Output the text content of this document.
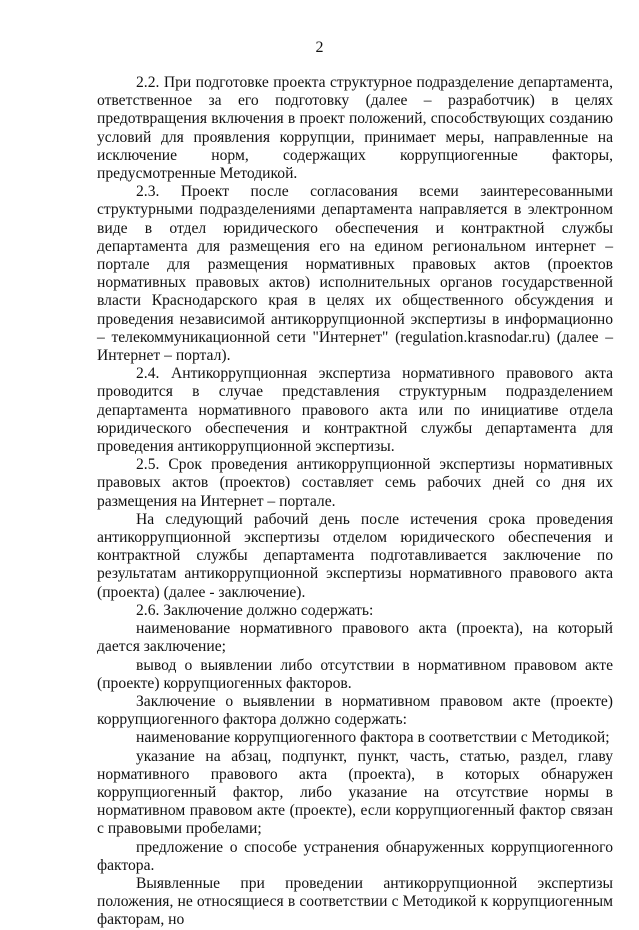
2

2.2. При подготовке проекта структурное подразделение департамента, ответственное за его подготовку (далее – разработчик) в целях предотвращения включения в проект положений, способствующих созданию условий для проявления коррупции, принимает меры, направленные на исключение норм, содержащих коррупциогенные факторы, предусмотренные Методикой.

2.3. Проект после согласования всеми заинтересованными структурными подразделениями департамента направляется в электронном виде в отдел юридического обеспечения и контрактной службы департамента для размещения его на едином региональном интернет – портале для размещения нормативных правовых актов (проектов нормативных правовых актов) исполнительных органов государственной власти Краснодарского края в целях их общественного обсуждения и проведения независимой антикоррупционной экспертизы в информационно – телекоммуникационной сети "Интернет" (regulation.krasnodar.ru) (далее – Интернет – портал).

2.4. Антикоррупционная экспертиза нормативного правового акта проводится в случае представления структурным подразделением департамента нормативного правового акта или по инициативе отдела юридического обеспечения и контрактной службы департамента для проведения антикоррупционной экспертизы.

2.5. Срок проведения антикоррупционной экспертизы нормативных правовых актов (проектов) составляет семь рабочих дней со дня их размещения на Интернет – портале.

На следующий рабочий день после истечения срока проведения антикоррупционной экспертизы отделом юридического обеспечения и контрактной службы департамента подготавливается заключение по результатам антикоррупционной экспертизы нормативного правового акта (проекта) (далее - заключение).

2.6. Заключение должно содержать:

наименование нормативного правового акта (проекта), на который дается заключение;

вывод о выявлении либо отсутствии в нормативном правовом акте (проекте) коррупциогенных факторов.

Заключение о выявлении в нормативном правовом акте (проекте) коррупциогенного фактора должно содержать:

наименование коррупциогенного фактора в соответствии с Методикой;

указание на абзац, подпункт, пункт, часть, статью, раздел, главу нормативного правового акта (проекта), в которых обнаружен коррупциогенный фактор, либо указание на отсутствие нормы в нормативном правовом акте (проекте), если коррупциогенный фактор связан с правовыми пробелами;

предложение о способе устранения обнаруженных коррупциогенного фактора.

Выявленные при проведении антикоррупционной экспертизы положения, не относящиеся в соответствии с Методикой к коррупциогенным факторам, но
